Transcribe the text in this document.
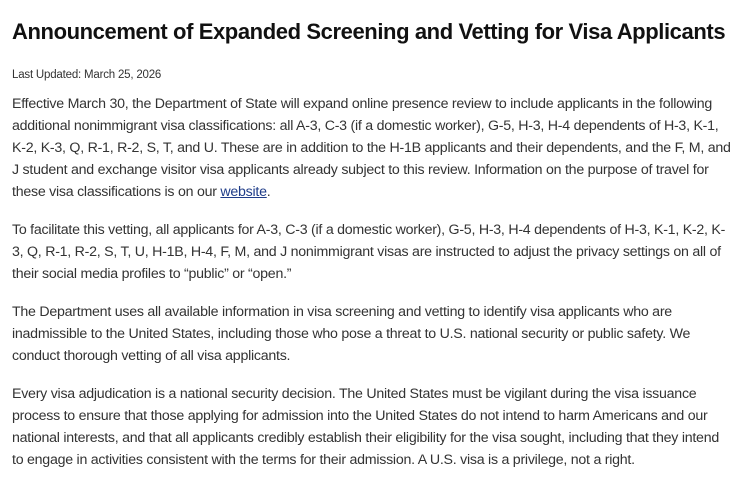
Announcement of Expanded Screening and Vetting for Visa Applicants

Last Updated: March 25, 2026

Effective March 30, the Department of State will expand online presence review to include applicants in the following additional nonimmigrant visa classifications: all A-3, C-3 (if a domestic worker), G-5, H-3, H-4 dependents of H-3, K-1, K-2, K-3, Q, R-1, R-2, S, T, and U. These are in addition to the H-1B applicants and their dependents, and the F, M, and J student and exchange visitor visa applicants already subject to this review. Information on the purpose of travel for these visa classifications is on our website.

To facilitate this vetting, all applicants for A-3, C-3 (if a domestic worker), G-5, H-3, H-4 dependents of H-3, K-1, K-2, K-3, Q, R-1, R-2, S, T, U, H-1B, H-4, F, M, and J nonimmigrant visas are instructed to adjust the privacy settings on all of their social media profiles to “public” or “open.”

The Department uses all available information in visa screening and vetting to identify visa applicants who are inadmissible to the United States, including those who pose a threat to U.S. national security or public safety. We conduct thorough vetting of all visa applicants.

Every visa adjudication is a national security decision. The United States must be vigilant during the visa issuance process to ensure that those applying for admission into the United States do not intend to harm Americans and our national interests, and that all applicants credibly establish their eligibility for the visa sought, including that they intend to engage in activities consistent with the terms for their admission. A U.S. visa is a privilege, not a right.
